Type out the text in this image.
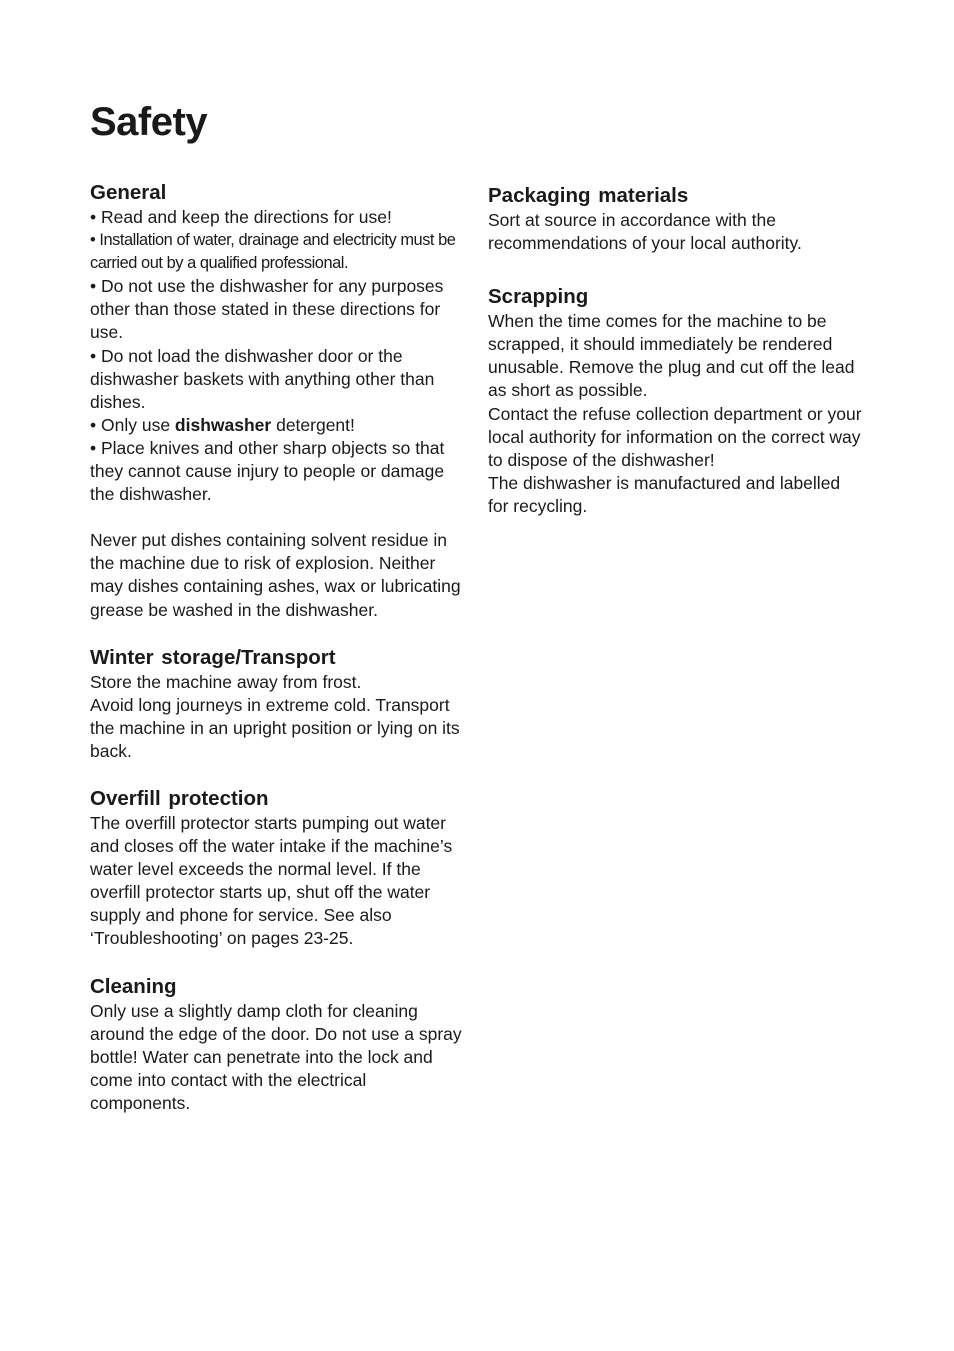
Safety
General

• Read and keep the directions for use!

• Installation of water, drainage and electricity must be carried out by a qualified professional.

• Do not use the dishwasher for any purposes other than those stated in these directions for use.

• Do not load the dishwasher door or the dishwasher baskets with anything other than dishes.

• Only use dishwasher detergent!

• Place knives and other sharp objects so that they cannot cause injury to people or damage the dishwasher.

Never put dishes containing solvent residue in the machine due to risk of explosion. Neither may dishes containing ashes, wax or lubricating grease be washed in the dishwasher.

Winter storage/Transport

Store the machine away from frost.

Avoid long journeys in extreme cold. Transport the machine in an upright position or lying on its back.

Overfill protection

The overfill protector starts pumping out water and closes off the water intake if the machine’s water level exceeds the normal level. If the overfill protector starts up, shut off the water supply and phone for service. See also ‘Troubleshooting’ on pages 23-25.

Cleaning

Only use a slightly damp cloth for cleaning around the edge of the door. Do not use a spray bottle! Water can penetrate into the lock and come into contact with the electrical components.

Packaging materials

Sort at source in accordance with the recommendations of your local authority.

Scrapping

When the time comes for the machine to be scrapped, it should immediately be rendered unusable. Remove the plug and cut off the lead as short as possible.

Contact the refuse collection department or your local authority for information on the correct way to dispose of the dishwasher!

The dishwasher is manufactured and labelled for recycling.
